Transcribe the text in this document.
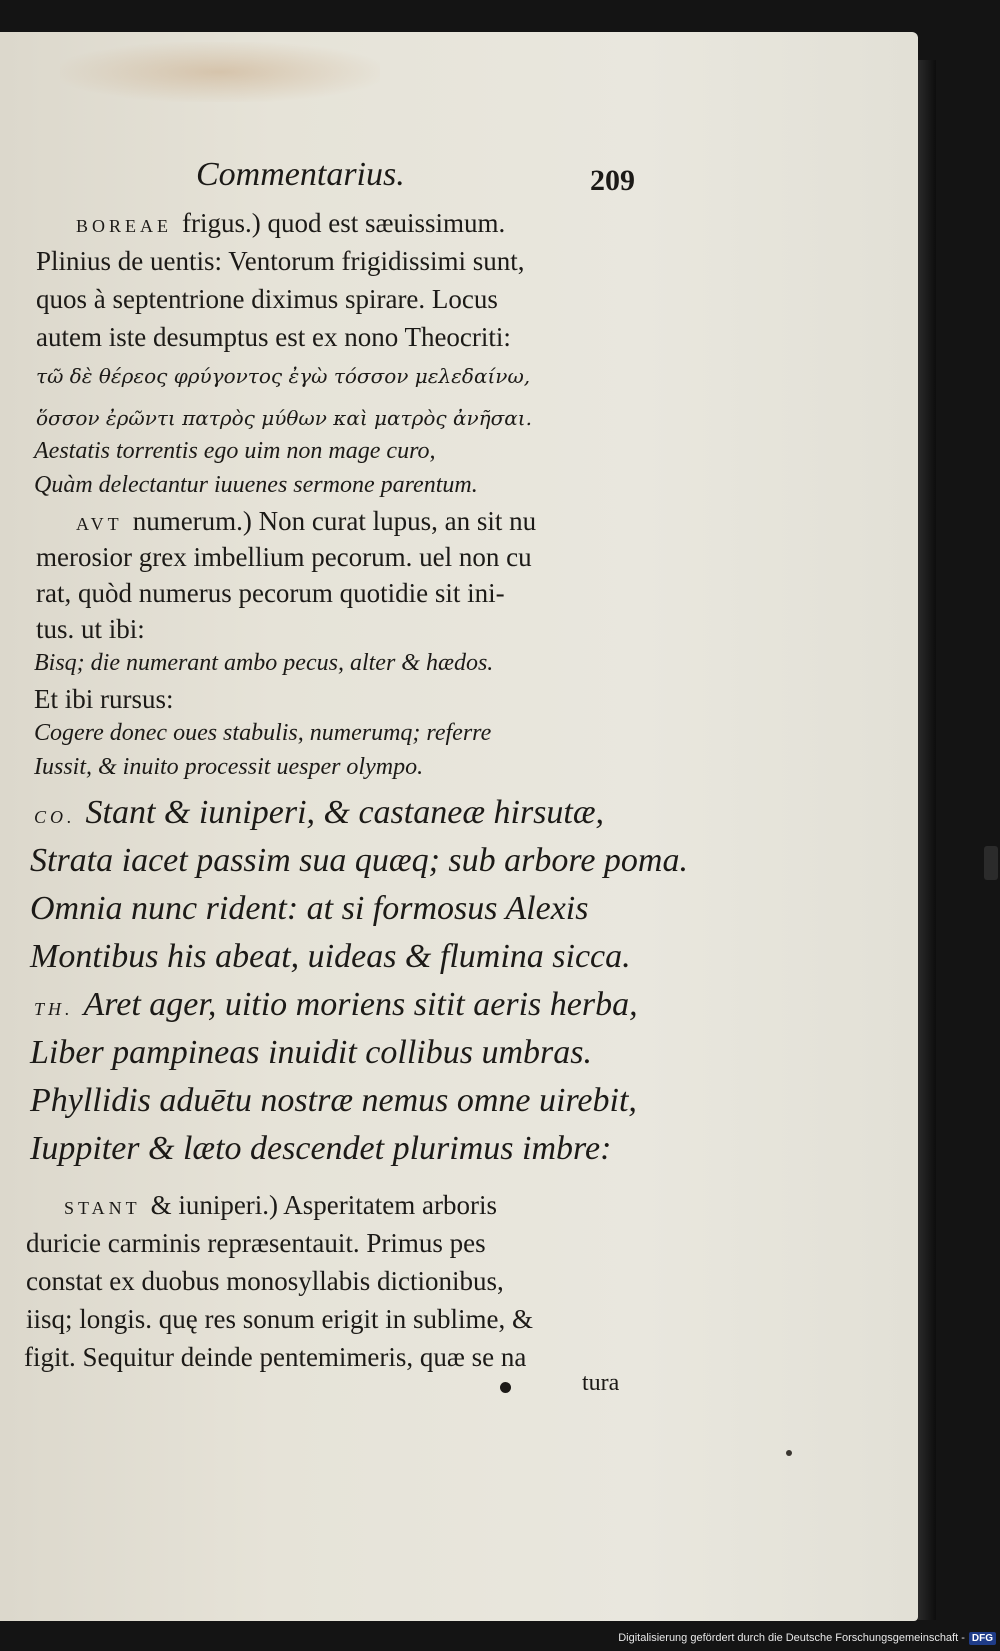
Commentarius.	209
BOREAE frigus.) quod est sæuissimum.
Plinius de uentis: Ventorum frigidissimi sunt,
quos à septentrione diximus spirare. Locus
autem iste desumptus est ex nono Theocriti:
τῶ δὲ θέρεος φρύγοντος ἐγὼ τόσσον μελεδαίνω,
ὅσσον ἐρῶντι πατρὸς μύθων καὶ ματρὸς ἀνῆσαι.
Aestatis torrentis ego uim non mage curo,
Quàm delectantur iuuenes sermone parentum.
AVT numerum.) Non curat lupus, an sit nu
merosior grex imbellium pecorum. uel non cu
rat, quòd numerus pecorum quotidie sit ini-
tus. ut ibi:
Bisq; die numerant ambo pecus, alter & hædos.
Et ibi rursus:
Cogere donec oues stabulis, numerumq; referre
Iussit, & inuito processit uesper olympo.
CO. Stant & iuniperi, & castaneæ hirsutæ,
Strata iacet passim sua quæq; sub arbore poma.
Omnia nunc rident: at si formosus Alexis
Montibus his abeat, uideas & flumina sicca.
TH. Aret ager, uitio moriens sitit aeris herba,
Liber pampineas inuidit collibus umbras.
Phyllidis aduētu nostræ nemus omne uirebit,
Iuppiter & læto descendet plurimus imbre:
STANT & iuniperi.) Asperitatem arboris
duricie carminis repræsentauit. Primus pes
constat ex duobus monosyllabis dictionibus,
iisq; longis. quę res sonum erigit in sublime, &
figit. Sequitur deinde pentemimeris, quæ se na
tura
Digitalisierung gefördert durch die Deutsche Forschungsgemeinschaft - DFG
